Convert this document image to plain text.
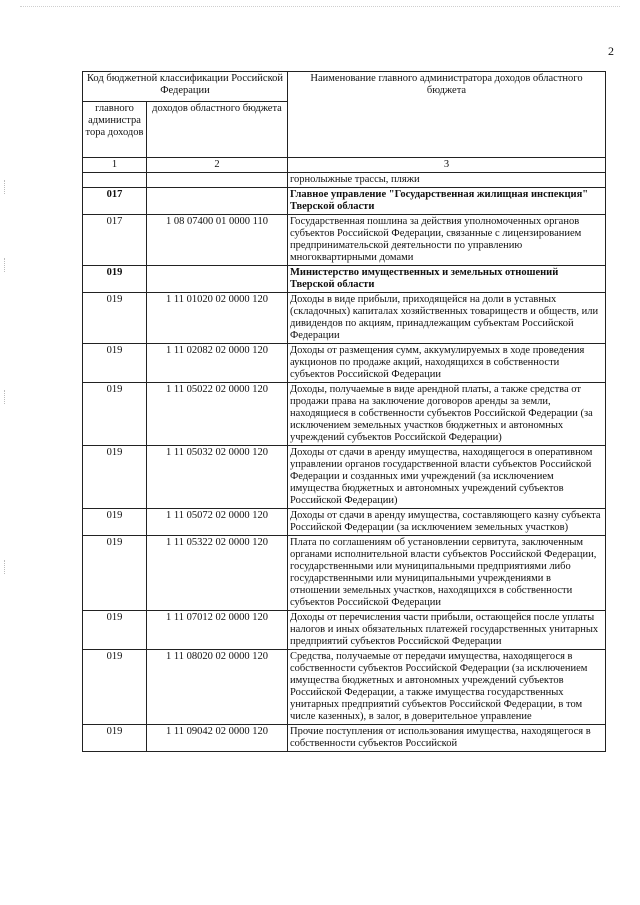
2
Код бюджетной классификации Российской Федерации		Наименование главного администратора доходов областного бюджета
главного администра тора доходов	доходов областного бюджета	
1	2	3
		горнолыжные трассы, пляжи
017		Главное управление "Государственная жилищная инспекция" Тверской области
017	1 08 07400 01 0000 110	Государственная пошлина за действия уполномоченных органов субъектов Российской Федерации, связанные с лицензированием предпринимательской деятельности по управлению многоквартирными домами
019		Министерство имущественных и земельных отношений Тверской области
019	1 11 01020 02 0000 120	Доходы в виде прибыли, приходящейся на доли в уставных (складочных) капиталах хозяйственных товариществ и обществ, или дивидендов по акциям, принадлежащим субъектам Российской Федерации
019	1 11 02082 02 0000 120	Доходы от размещения сумм, аккумулируемых в ходе проведения аукционов по продаже акций, находящихся в собственности субъектов Российской Федерации
019	1 11 05022 02 0000 120	Доходы, получаемые в виде арендной платы, а также средства от продажи права на заключение договоров аренды за земли, находящиеся в собственности субъектов Российской Федерации (за исключением земельных участков бюджетных и автономных учреждений субъектов Российской Федерации)
019	1 11 05032 02 0000 120	Доходы от сдачи в аренду имущества, находящегося в оперативном управлении органов государственной власти субъектов Российской Федерации и созданных ими учреждений (за исключением имущества бюджетных и автономных учреждений субъектов Российской Федерации)
019	1 11 05072 02 0000 120	Доходы от сдачи в аренду имущества, составляющего казну субъекта Российской Федерации (за исключением земельных участков)
019	1 11 05322 02 0000 120	Плата по соглашениям об установлении сервитута, заключенным органами исполнительной власти субъектов Российской Федерации, государственными или муниципальными предприятиями либо государственными или муниципальными учреждениями в отношении земельных участков, находящихся в собственности субъектов Российской Федерации
019	1 11 07012 02 0000 120	Доходы от перечисления части прибыли, остающейся после уплаты налогов и иных обязательных платежей государственных унитарных предприятий субъектов Российской Федерации
019	1 11 08020 02 0000 120	Средства, получаемые от передачи имущества, находящегося в собственности субъектов Российской Федерации (за исключением имущества бюджетных и автономных учреждений субъектов Российской Федерации, а также имущества государственных унитарных предприятий субъектов Российской Федерации, в том числе казенных), в залог, в доверительное управление
019	1 11 09042 02 0000 120	Прочие поступления от использования имущества, находящегося в собственности субъектов Российской
